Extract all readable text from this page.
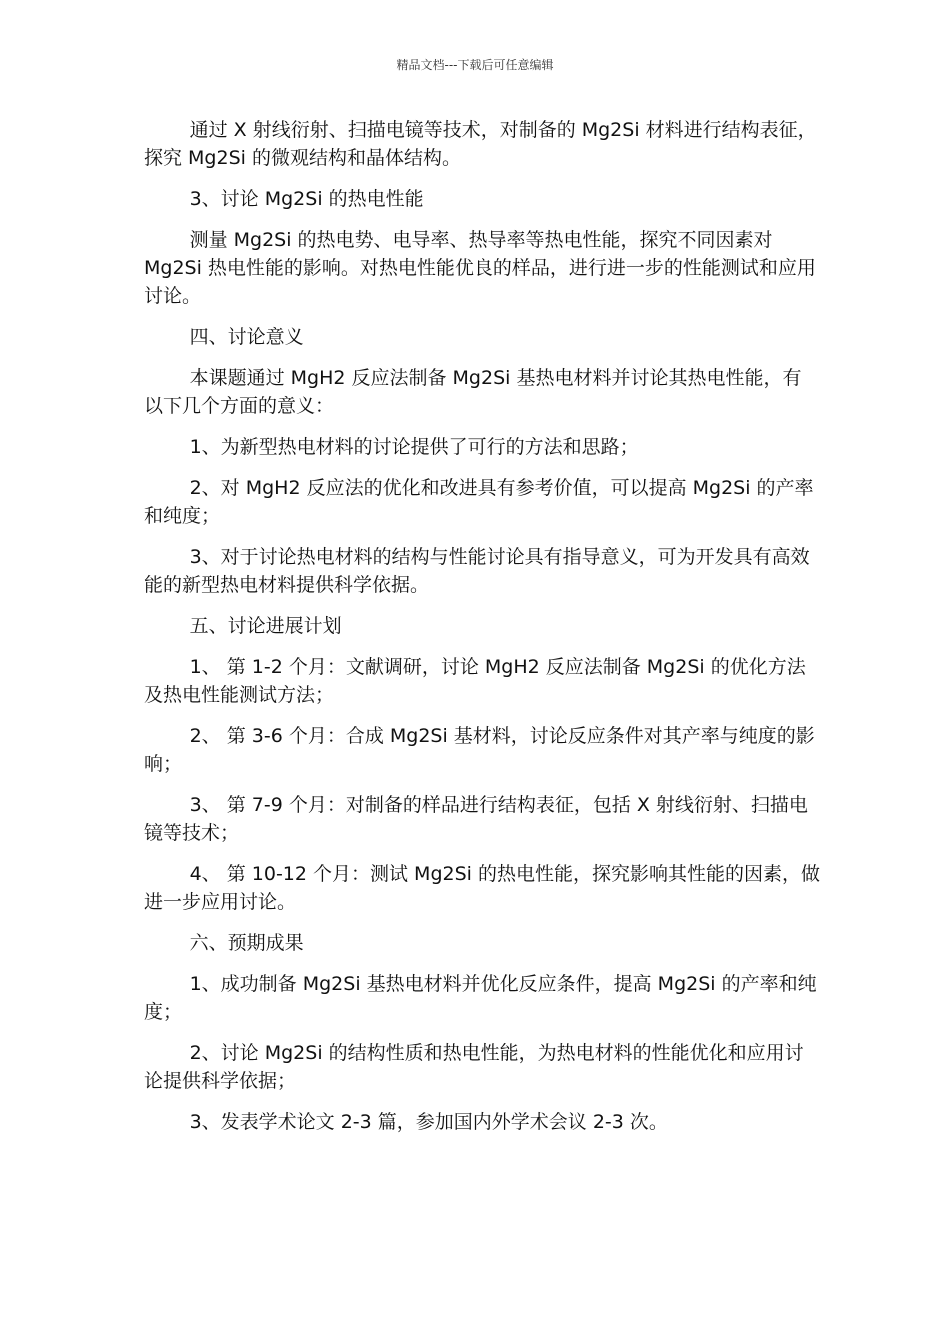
精品文档---下载后可任意编辑

通过 X 射线衍射、扫描电镜等技术，对制备的 Mg2Si 材料进行结构表征，探究 Mg2Si 的微观结构和晶体结构。

3、讨论 Mg2Si 的热电性能

测量 Mg2Si 的热电势、电导率、热导率等热电性能，探究不同因素对 Mg2Si 热电性能的影响。对热电性能优良的样品，进行进一步的性能测试和应用讨论。

四、讨论意义

本课题通过 MgH2 反应法制备 Mg2Si 基热电材料并讨论其热电性能，有以下几个方面的意义：

1、为新型热电材料的讨论提供了可行的方法和思路；

2、对 MgH2 反应法的优化和改进具有参考价值，可以提高 Mg2Si 的产率和纯度；

3、对于讨论热电材料的结构与性能讨论具有指导意义，可为开发具有高效能的新型热电材料提供科学依据。

五、讨论进展计划

1、 第 1-2 个月：文献调研，讨论 MgH2 反应法制备 Mg2Si 的优化方法及热电性能测试方法；

2、 第 3-6 个月：合成 Mg2Si 基材料，讨论反应条件对其产率与纯度的影响；

3、 第 7-9 个月：对制备的样品进行结构表征，包括 X 射线衍射、扫描电镜等技术；

4、 第 10-12 个月：测试 Mg2Si 的热电性能，探究影响其性能的因素，做进一步应用讨论。

六、预期成果

1、成功制备 Mg2Si 基热电材料并优化反应条件，提高 Mg2Si 的产率和纯度；

2、讨论 Mg2Si 的结构性质和热电性能，为热电材料的性能优化和应用讨论提供科学依据；

3、发表学术论文 2-3 篇，参加国内外学术会议 2-3 次。
